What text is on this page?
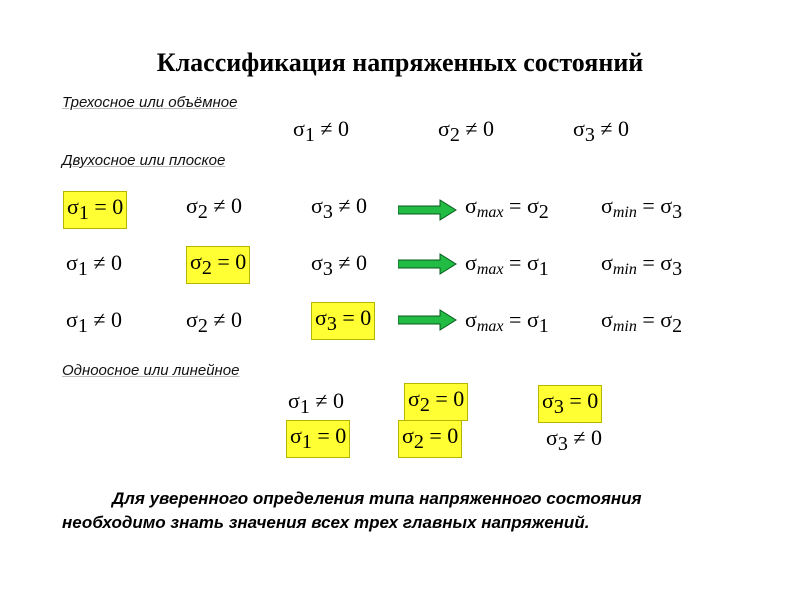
Классификация напряженных состояний
Трехосное или объёмное
σ1 ≠ 0	σ2 ≠ 0	σ3 ≠ 0
Двухосное или плоское
σ1 = 0	σ2 ≠ 0	σ3 ≠ 0	σmax = σ2 σmin = σ3
σ1 ≠ 0	σ2 = 0	σ3 ≠ 0	σmax = σ1 σmin = σ3
σ1 ≠ 0	σ2 ≠ 0	σ3 = 0	σmax = σ1 σmin = σ2
Одноосное или линейное
σ1 ≠ 0	σ2 = 0	σ3 = 0
σ1 = 0	σ2 = 0	σ3 ≠ 0
Для уверенного определения типа напряженного состояния
необходимо знать значения всех трех главных напряжений.
